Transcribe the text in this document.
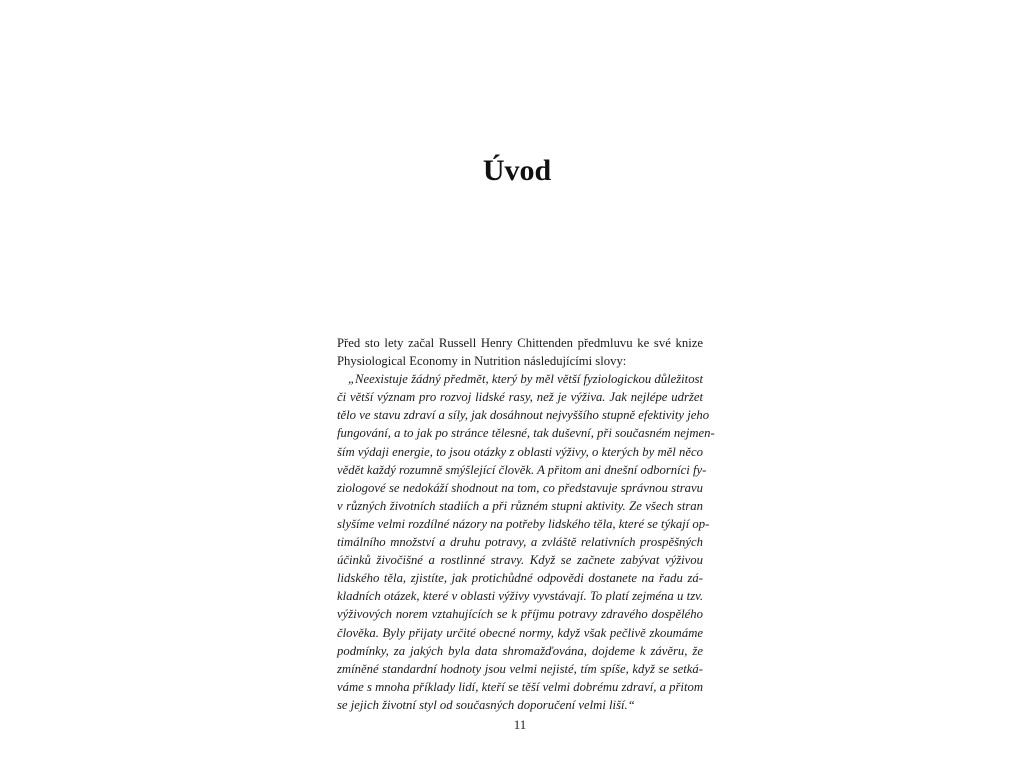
Úvod
Před sto lety začal Russell Henry Chittenden předmluvu ke své knize
Physiological Economy in Nutrition následujícími slovy:
„Neexistuje žádný předmět, který by měl větší fyziologickou důležitost
či větší význam pro rozvoj lidské rasy, než je výživa. Jak nejlépe udržet
tělo ve stavu zdraví a síly, jak dosáhnout nejvyššího stupně efektivity jeho
fungování, a to jak po stránce tělesné, tak duševní, při současném nejmen-
ším výdaji energie, to jsou otázky z oblasti výživy, o kterých by měl něco
vědět každý rozumně smýšlející člověk. A přitom ani dnešní odborníci fy-
ziologové se nedokáží shodnout na tom, co představuje správnou stravu
v různých životních stadiích a při různém stupni aktivity. Ze všech stran
slyšíme velmi rozdílné názory na potřeby lidského těla, které se týkají op-
timálního množství a druhu potravy, a zvláště relativních prospěšných
účinků živočišné a rostlinné stravy. Když se začnete zabývat výživou
lidského těla, zjistíte, jak protichůdné odpovědi dostanete na řadu zá-
kladních otázek, které v oblasti výživy vyvstávají. To platí zejména u tzv.
výživových norem vztahujících se k příjmu potravy zdravého dospělého
člověka. Byly přijaty určité obecné normy, když však pečlivě zkoumáme
podmínky, za jakých byla data shromažďována, dojdeme k závěru, že
zmíněné standardní hodnoty jsou velmi nejisté, tím spíše, když se setká-
váme s mnoha příklady lidí, kteří se těší velmi dobrému zdraví, a přitom
se jejich životní styl od současných doporučení velmi liší.“
11
